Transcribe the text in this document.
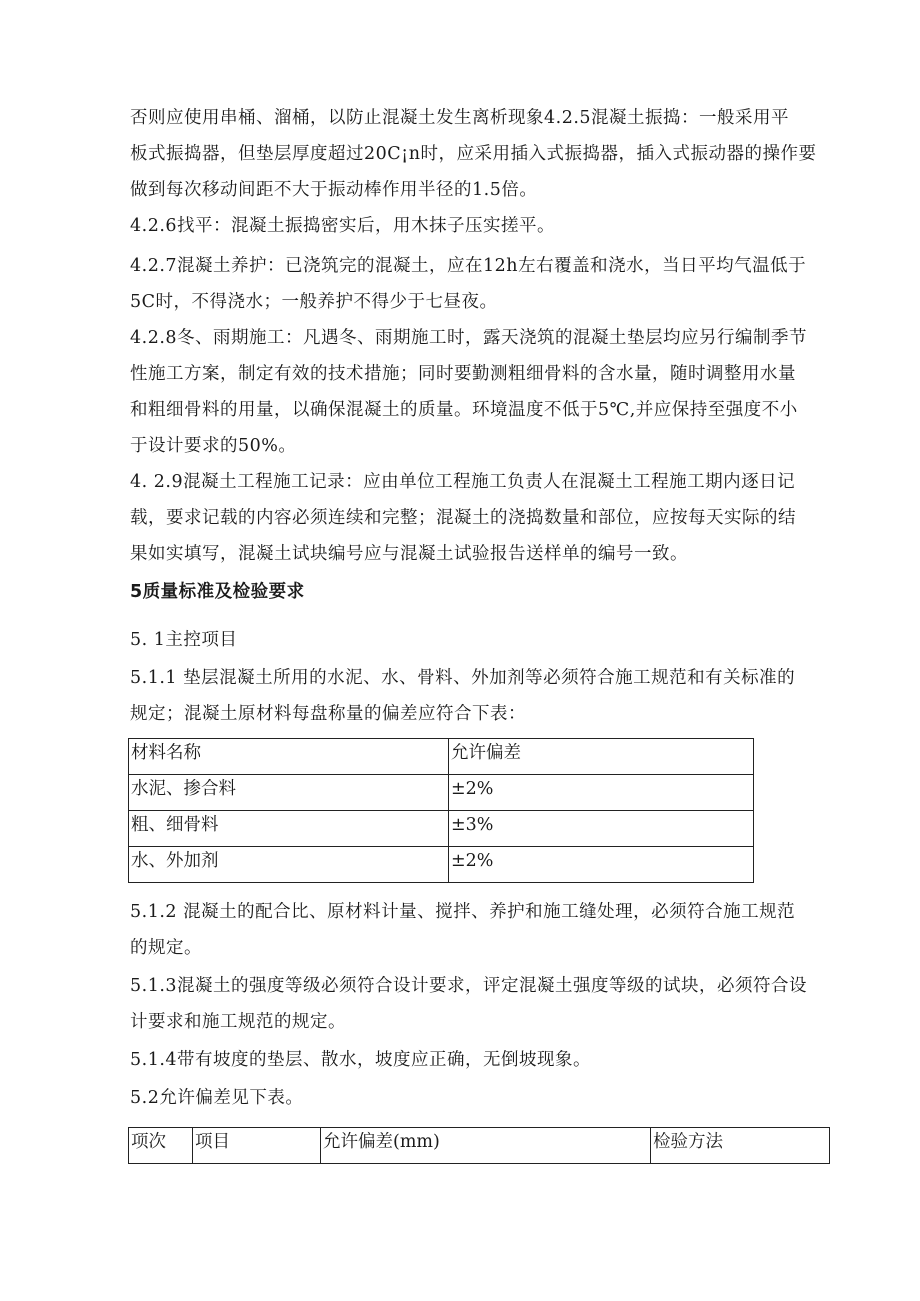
否则应使用串桶、溜桶，以防止混凝土发生离析现象4.2.5混凝土振捣：一般采用平
板式振捣器，但垫层厚度超过20C¡n时，应采用插入式振捣器，插入式振动器的操作要
做到每次移动间距不大于振动棒作用半径的1.5倍。

4.2.6找平：混凝土振捣密实后，用木抹子压实搓平。

4.2.7混凝土养护：已浇筑完的混凝土，应在12h左右覆盖和浇水，当日平均气温低于
5C时，不得浇水；一般养护不得少于七昼夜。

4.2.8冬、雨期施工：凡遇冬、雨期施工时，露天浇筑的混凝土垫层均应另行编制季节
性施工方案，制定有效的技术措施；同时要勤测粗细骨料的含水量，随时调整用水量
和粗细骨料的用量，以确保混凝土的质量。环境温度不低于5℃,并应保持至强度不小
于设计要求的50%。

4. 2.9混凝土工程施工记录：应由单位工程施工负责人在混凝土工程施工期内逐日记
载，要求记载的内容必须连续和完整；混凝土的浇捣数量和部位，应按每天实际的结
果如实填写，混凝土试块编号应与混凝土试验报告送样单的编号一致。

5质量标准及检验要求

5. 1主控项目

5.1.1 垫层混凝土所用的水泥、水、骨料、外加剂等必须符合施工规范和有关标准的
规定；混凝土原材料每盘称量的偏差应符合下表：

材料名称	允许偏差
水泥、掺合料	±2%
粗、细骨料	±3%
水、外加剂	±2%

5.1.2 混凝土的配合比、原材料计量、搅拌、养护和施工缝处理，必须符合施工规范
的规定。

5.1.3混凝土的强度等级必须符合设计要求，评定混凝土强度等级的试块，必须符合设
计要求和施工规范的规定。

5.1.4带有坡度的垫层、散水，坡度应正确，无倒坡现象。

5.2允许偏差见下表。

项次	项目	允许偏差(mm)	检验方法
